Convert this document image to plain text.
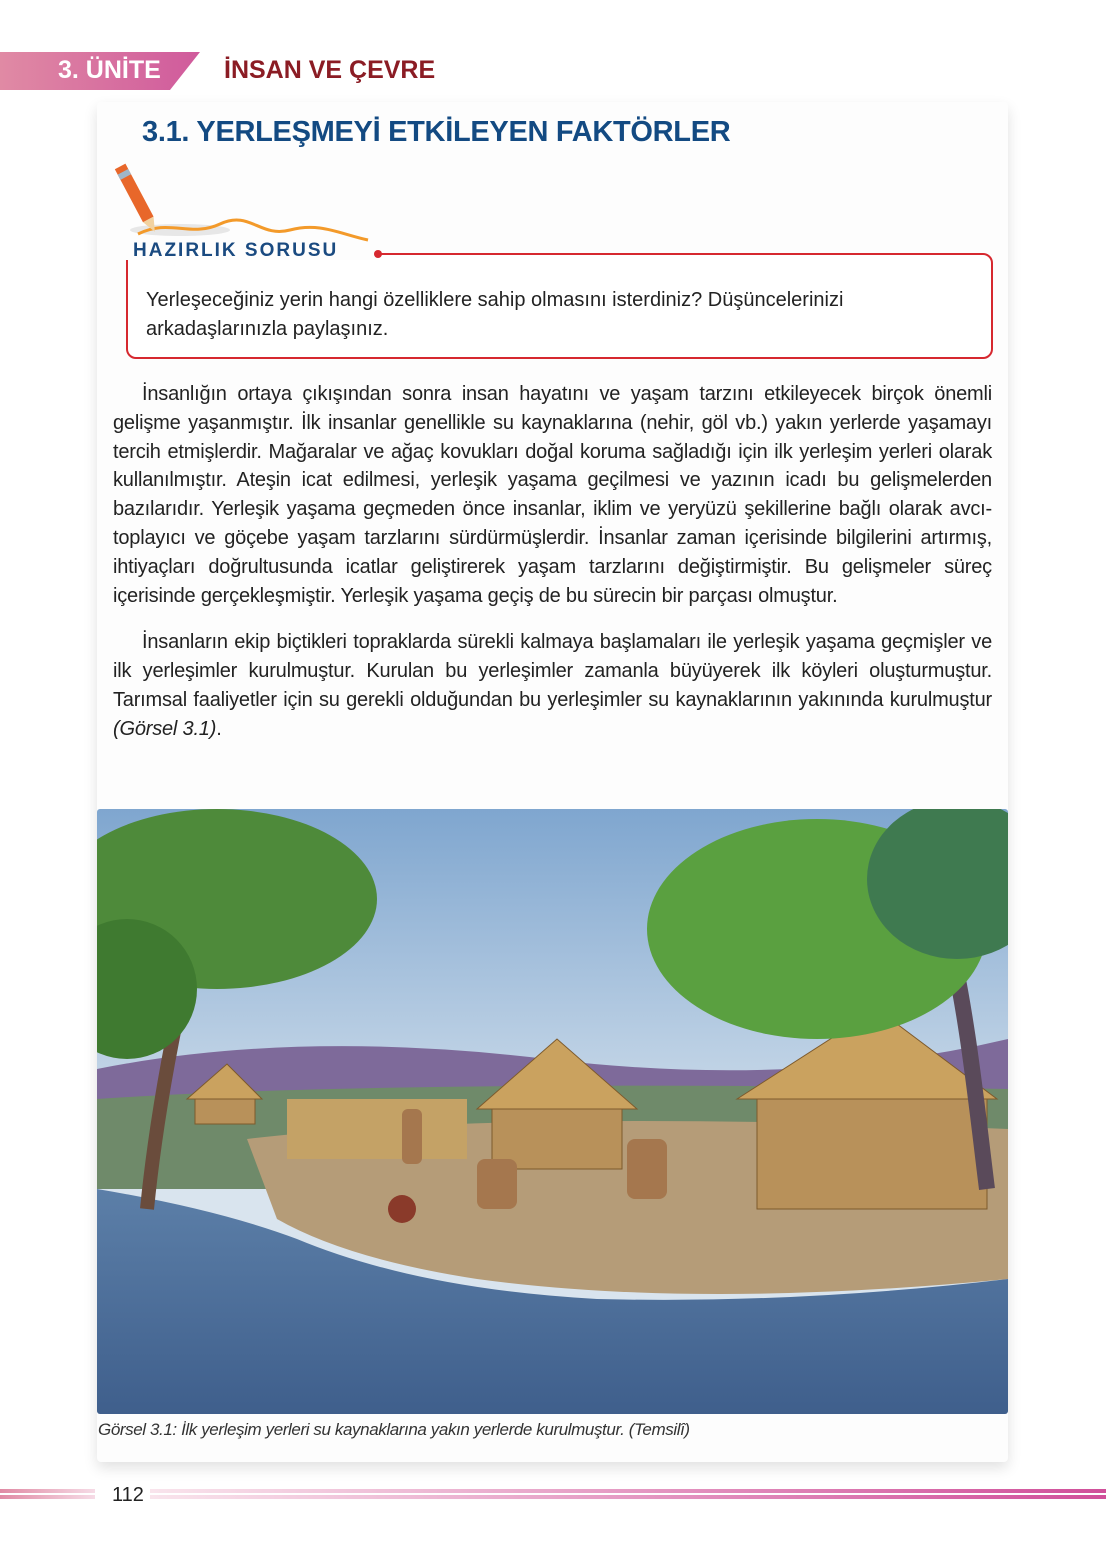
3. ÜNİTE	İNSAN VE ÇEVRE
3.1. YERLEŞMEYİ ETKİLEYEN FAKTÖRLER
HAZIRLIK SORUSU
Yerleşeceğiniz yerin hangi özelliklere sahip olmasını isterdiniz? Düşüncelerinizi arkadaşlarınızla paylaşınız.

İnsanlığın ortaya çıkışından sonra insan hayatını ve yaşam tarzını etkileyecek birçok önemli gelişme yaşanmıştır. İlk insanlar genellikle su kaynaklarına (nehir, göl vb.) yakın yerlerde yaşamayı tercih etmişlerdir. Mağaralar ve ağaç kovukları doğal koruma sağladığı için ilk yerleşim yerleri olarak kullanılmıştır. Ateşin icat edilmesi, yerleşik yaşama geçilmesi ve yazının icadı bu gelişmelerden bazılarıdır. Yerleşik yaşama geçmeden önce insanlar, iklim ve yeryüzü şekillerine bağlı olarak avcı-toplayıcı ve göçebe yaşam tarzlarını sürdürmüşlerdir. İnsanlar zaman içerisinde bilgilerini artırmış, ihtiyaçları doğrultusunda icatlar geliştirerek yaşam tarzlarını değiştirmiştir. Bu gelişmeler süreç içerisinde gerçekleşmiştir. Yerleşik yaşama geçiş de bu sürecin bir parçası olmuştur.

İnsanların ekip biçtikleri topraklarda sürekli kalmaya başlamaları ile yerleşik yaşama geçmişler ve ilk yerleşimler kurulmuştur. Kurulan bu yerleşimler zamanla büyüyerek ilk köyleri oluşturmuştur. Tarımsal faaliyetler için su gerekli olduğundan bu yerleşimler su kaynaklarının yakınında kurulmuştur (Görsel 3.1).

Görsel 3.1: İlk yerleşim yerleri su kaynaklarına yakın yerlerde kurulmuştur. (Temsilî)
112
